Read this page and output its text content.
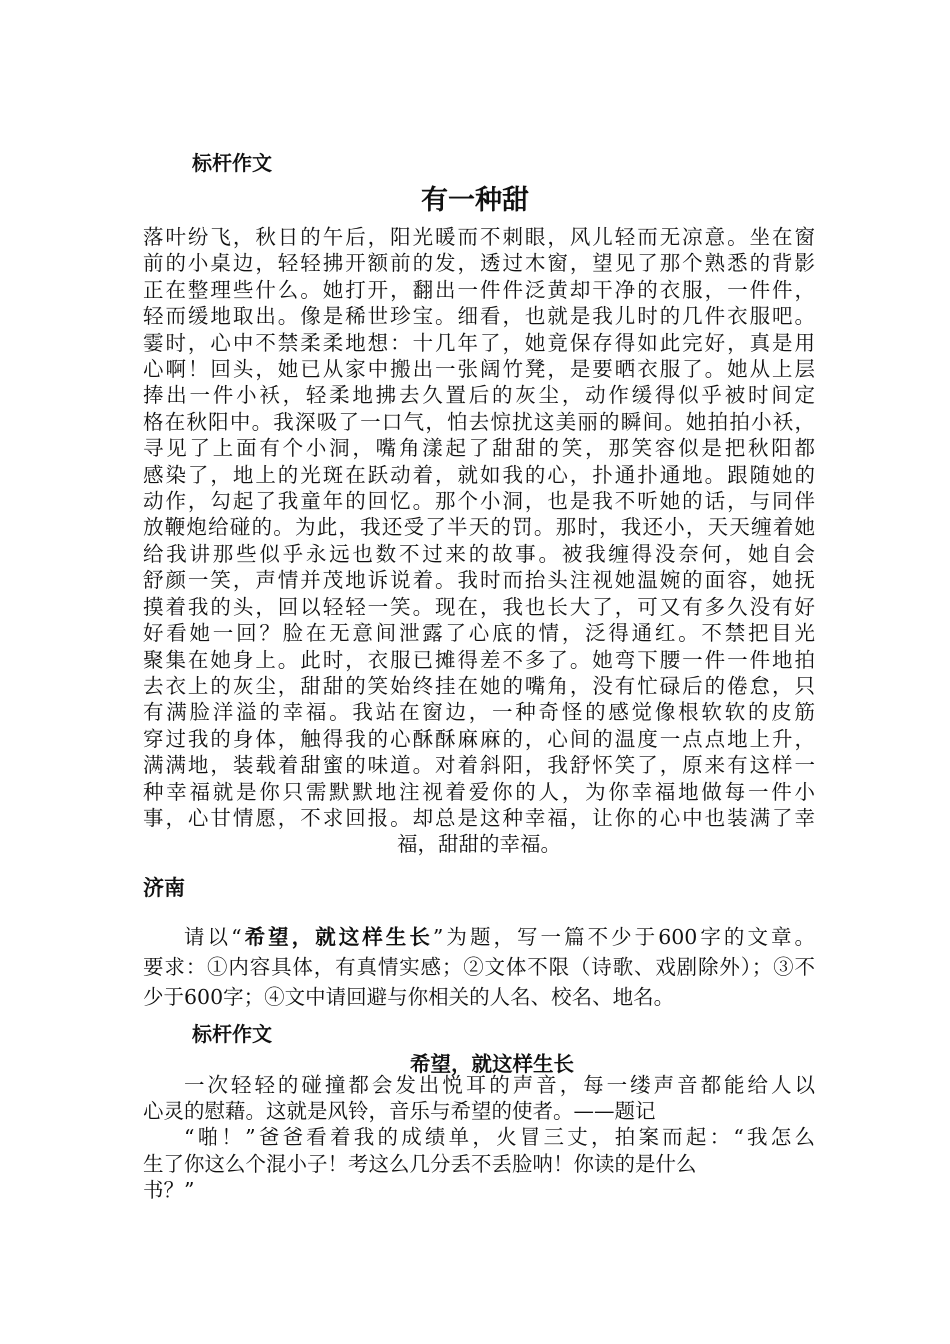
标杆作文
有一种甜
落叶纷飞，秋日的午后，阳光暖而不刺眼，风儿轻而无凉意。坐在窗
前的小桌边，轻轻拂开额前的发，透过木窗，望见了那个熟悉的背影
正在整理些什么。她打开，翻出一件件泛黄却干净的衣服，一件件，
轻而缓地取出。像是稀世珍宝。细看，也就是我儿时的几件衣服吧。
霎时，心中不禁柔柔地想：十几年了，她竟保存得如此完好，真是用
心啊！回头，她已从家中搬出一张阔竹凳，是要晒衣服了。她从上层
捧出一件小袄，轻柔地拂去久置后的灰尘，动作缓得似乎被时间定
格在秋阳中。我深吸了一口气，怕去惊扰这美丽的瞬间。她拍拍小袄，
寻见了上面有个小洞，嘴角漾起了甜甜的笑，那笑容似是把秋阳都
感染了，地上的光斑在跃动着，就如我的心，扑通扑通地。跟随她的
动作，勾起了我童年的回忆。那个小洞，也是我不听她的话，与同伴
放鞭炮给碰的。为此，我还受了半天的罚。那时，我还小，天天缠着她
给我讲那些似乎永远也数不过来的故事。被我缠得没奈何，她自会
舒颜一笑，声情并茂地诉说着。我时而抬头注视她温婉的面容，她抚
摸着我的头，回以轻轻一笑。现在，我也长大了，可又有多久没有好
好看她一回？脸在无意间泄露了心底的情，泛得通红。不禁把目光
聚集在她身上。此时，衣服已摊得差不多了。她弯下腰一件一件地拍
去衣上的灰尘，甜甜的笑始终挂在她的嘴角，没有忙碌后的倦怠，只
有满脸洋溢的幸福。我站在窗边，一种奇怪的感觉像根软软的皮筋
穿过我的身体，触得我的心酥酥麻麻的，心间的温度一点点地上升，
满满地，装载着甜蜜的味道。对着斜阳，我舒怀笑了，原来有这样一
种幸福就是你只需默默地注视着爱你的人，为你幸福地做每一件小
事，心甘情愿，不求回报。却总是这种幸福，让你的心中也装满了幸
福，甜甜的幸福。
济南
请以“希望，就这样生长”为题，写一篇不少于600字的文章。
要求：①内容具体，有真情实感；②文体不限（诗歌、戏剧除外）；③不
少于600字；④文中请回避与你相关的人名、校名、地名。
标杆作文
希望，就这样生长
一次轻轻的碰撞都会发出悦耳的声音，每一缕声音都能给人以
心灵的慰藉。这就是风铃，音乐与希望的使者。——题记
“啪！”爸爸看着我的成绩单，火冒三丈，拍案而起：“我怎么
生了你这么个混小子！考这么几分丢不丢脸呐！你读的是什么
书？”
